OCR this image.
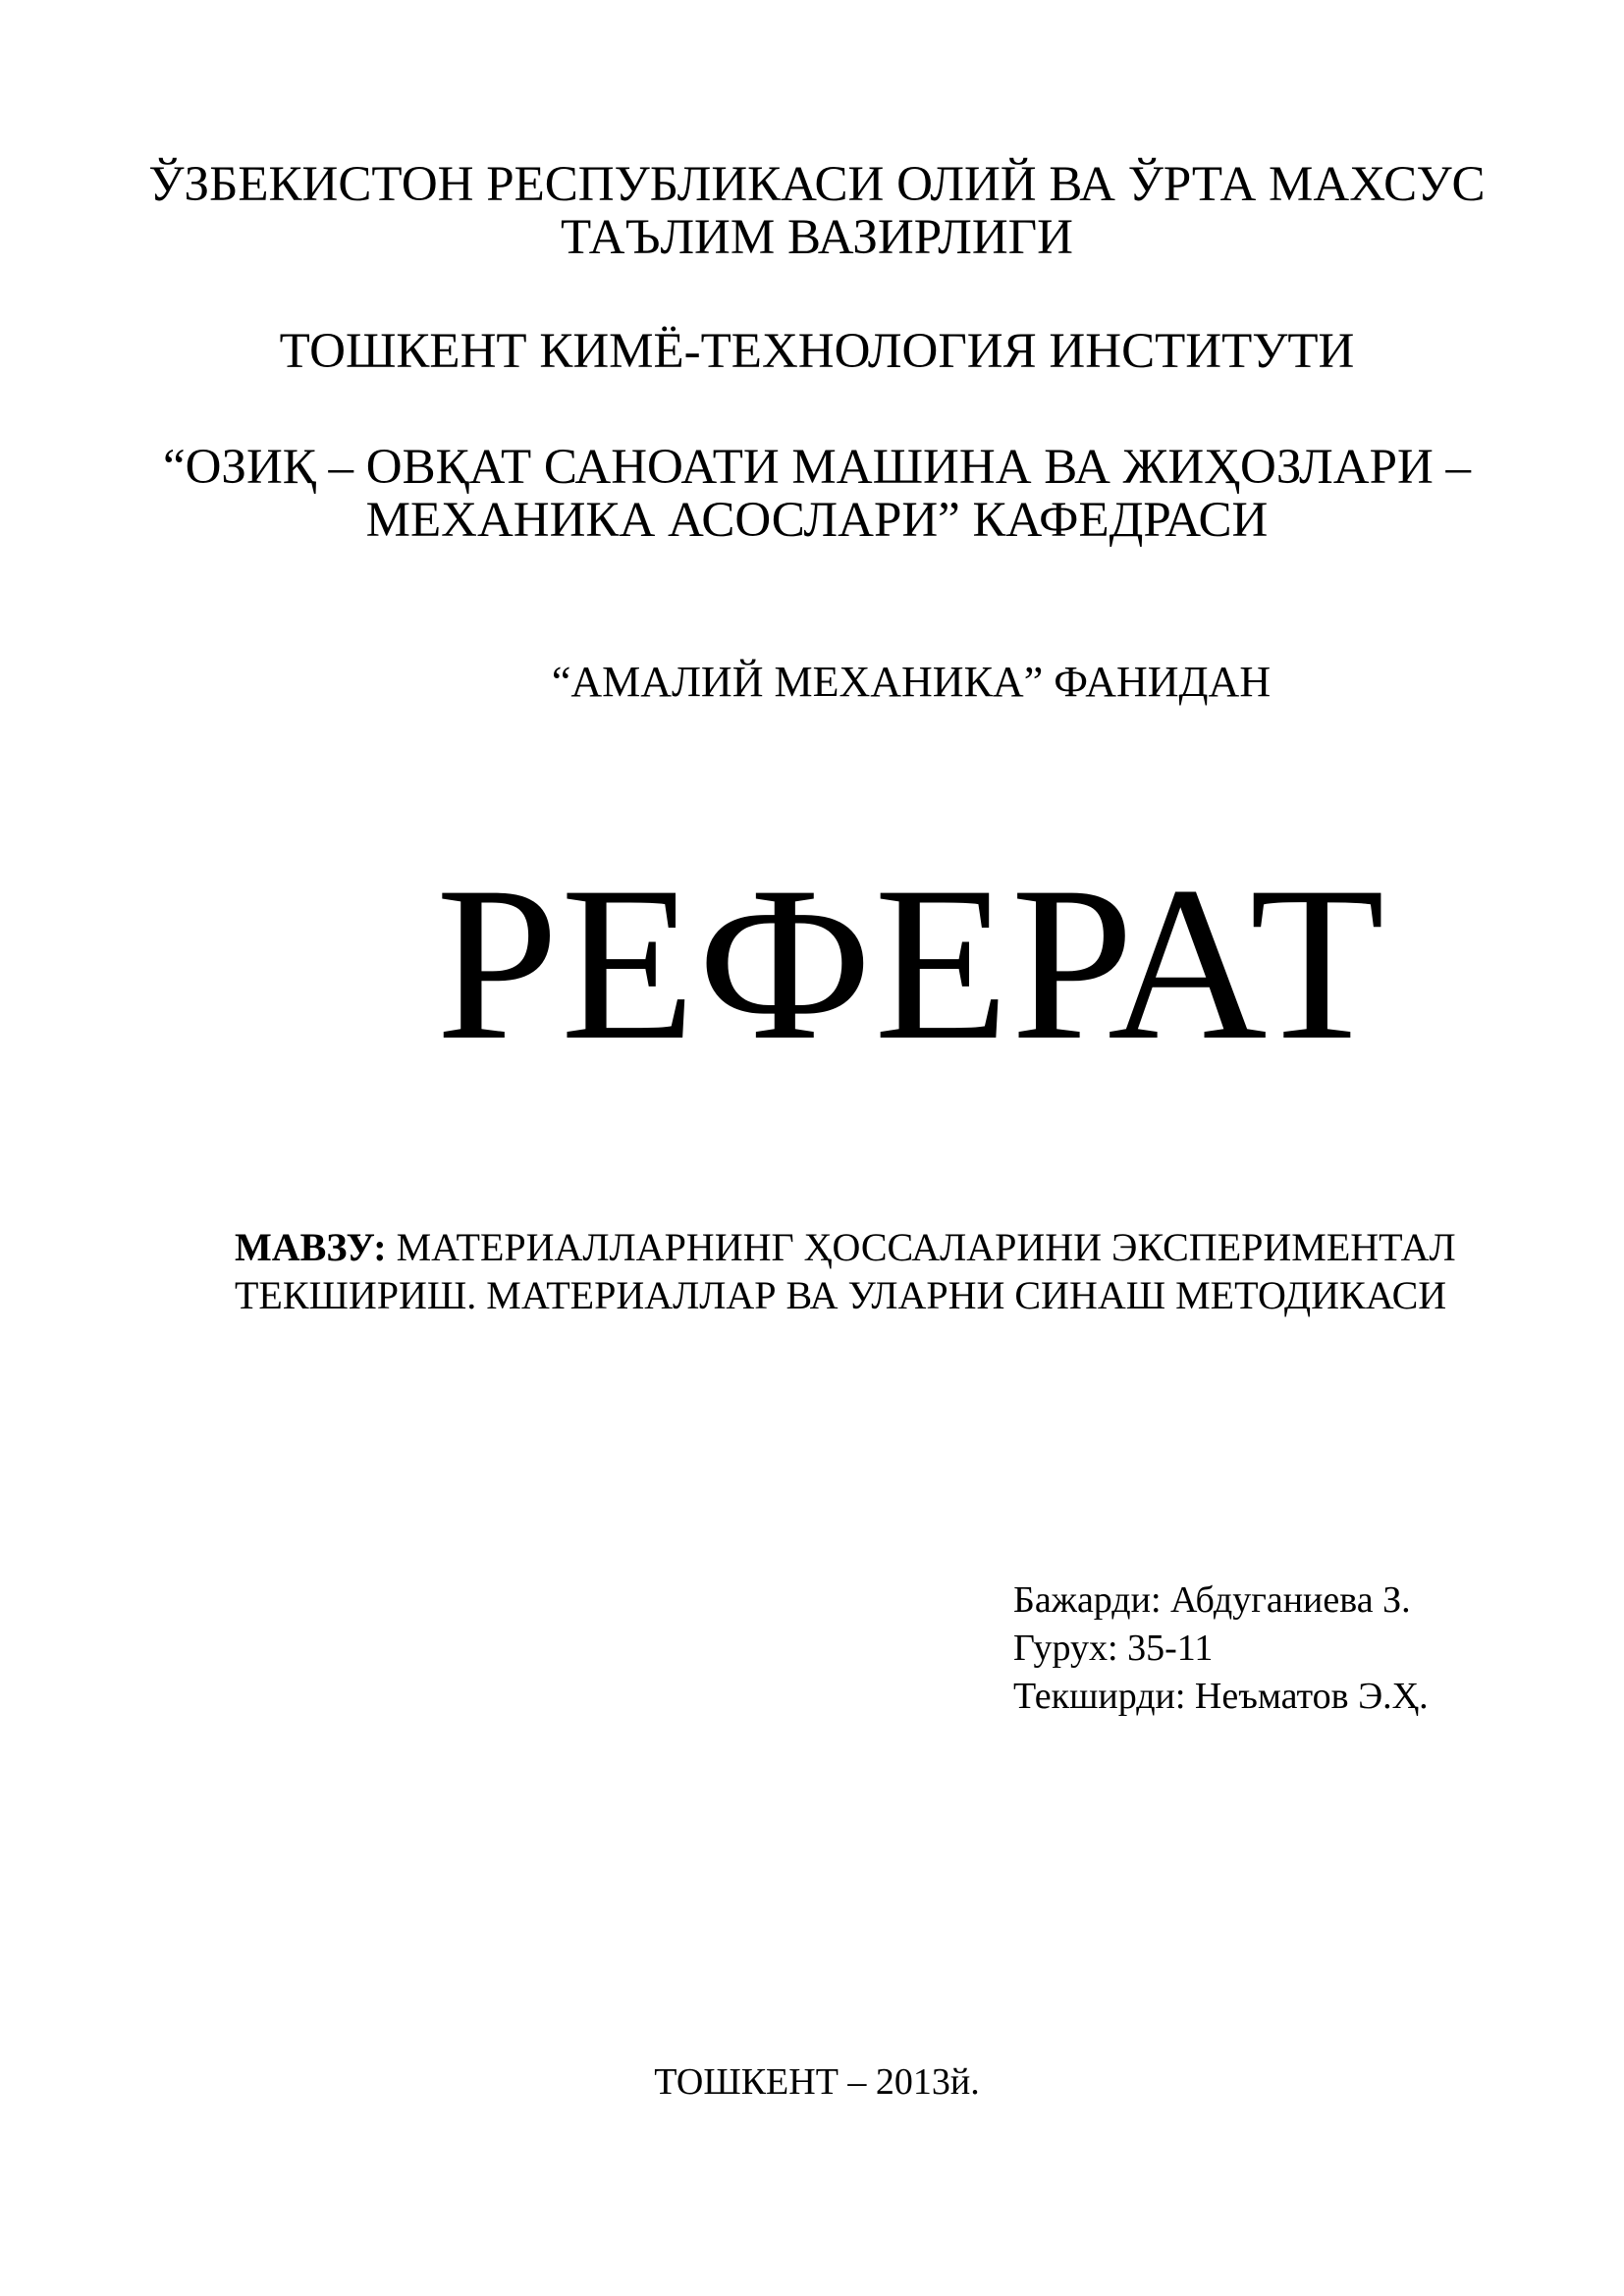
ЎЗБЕКИСТОН РЕСПУБЛИКАСИ ОЛИЙ ВА ЎРТА МАХСУС
ТАЪЛИМ ВАЗИРЛИГИ
ТОШКЕНТ КИМЁ-ТЕХНОЛОГИЯ ИНСТИТУТИ
“ОЗИҚ – ОВҚАТ САНОАТИ МАШИНА ВА ЖИҲОЗЛАРИ –
МЕХАНИКА АСОСЛАРИ” КАФЕДРАСИ
“АМАЛИЙ МЕХАНИКА” ФАНИДАН
РЕФЕРАТ
МАВЗУ: МАТЕРИАЛЛАРНИНГ ҲОССАЛАРИНИ ЭКСПЕРИМЕНТАЛ
ТЕКШИРИШ. МАТЕРИАЛЛАР ВА УЛАРНИ СИНАШ МЕТОДИКАСИ
Бажарди: Абдуганиева З.
Гурух: 35-11
Текширди: Неъматов Э.Ҳ.
ТОШКЕНТ – 2013й.
